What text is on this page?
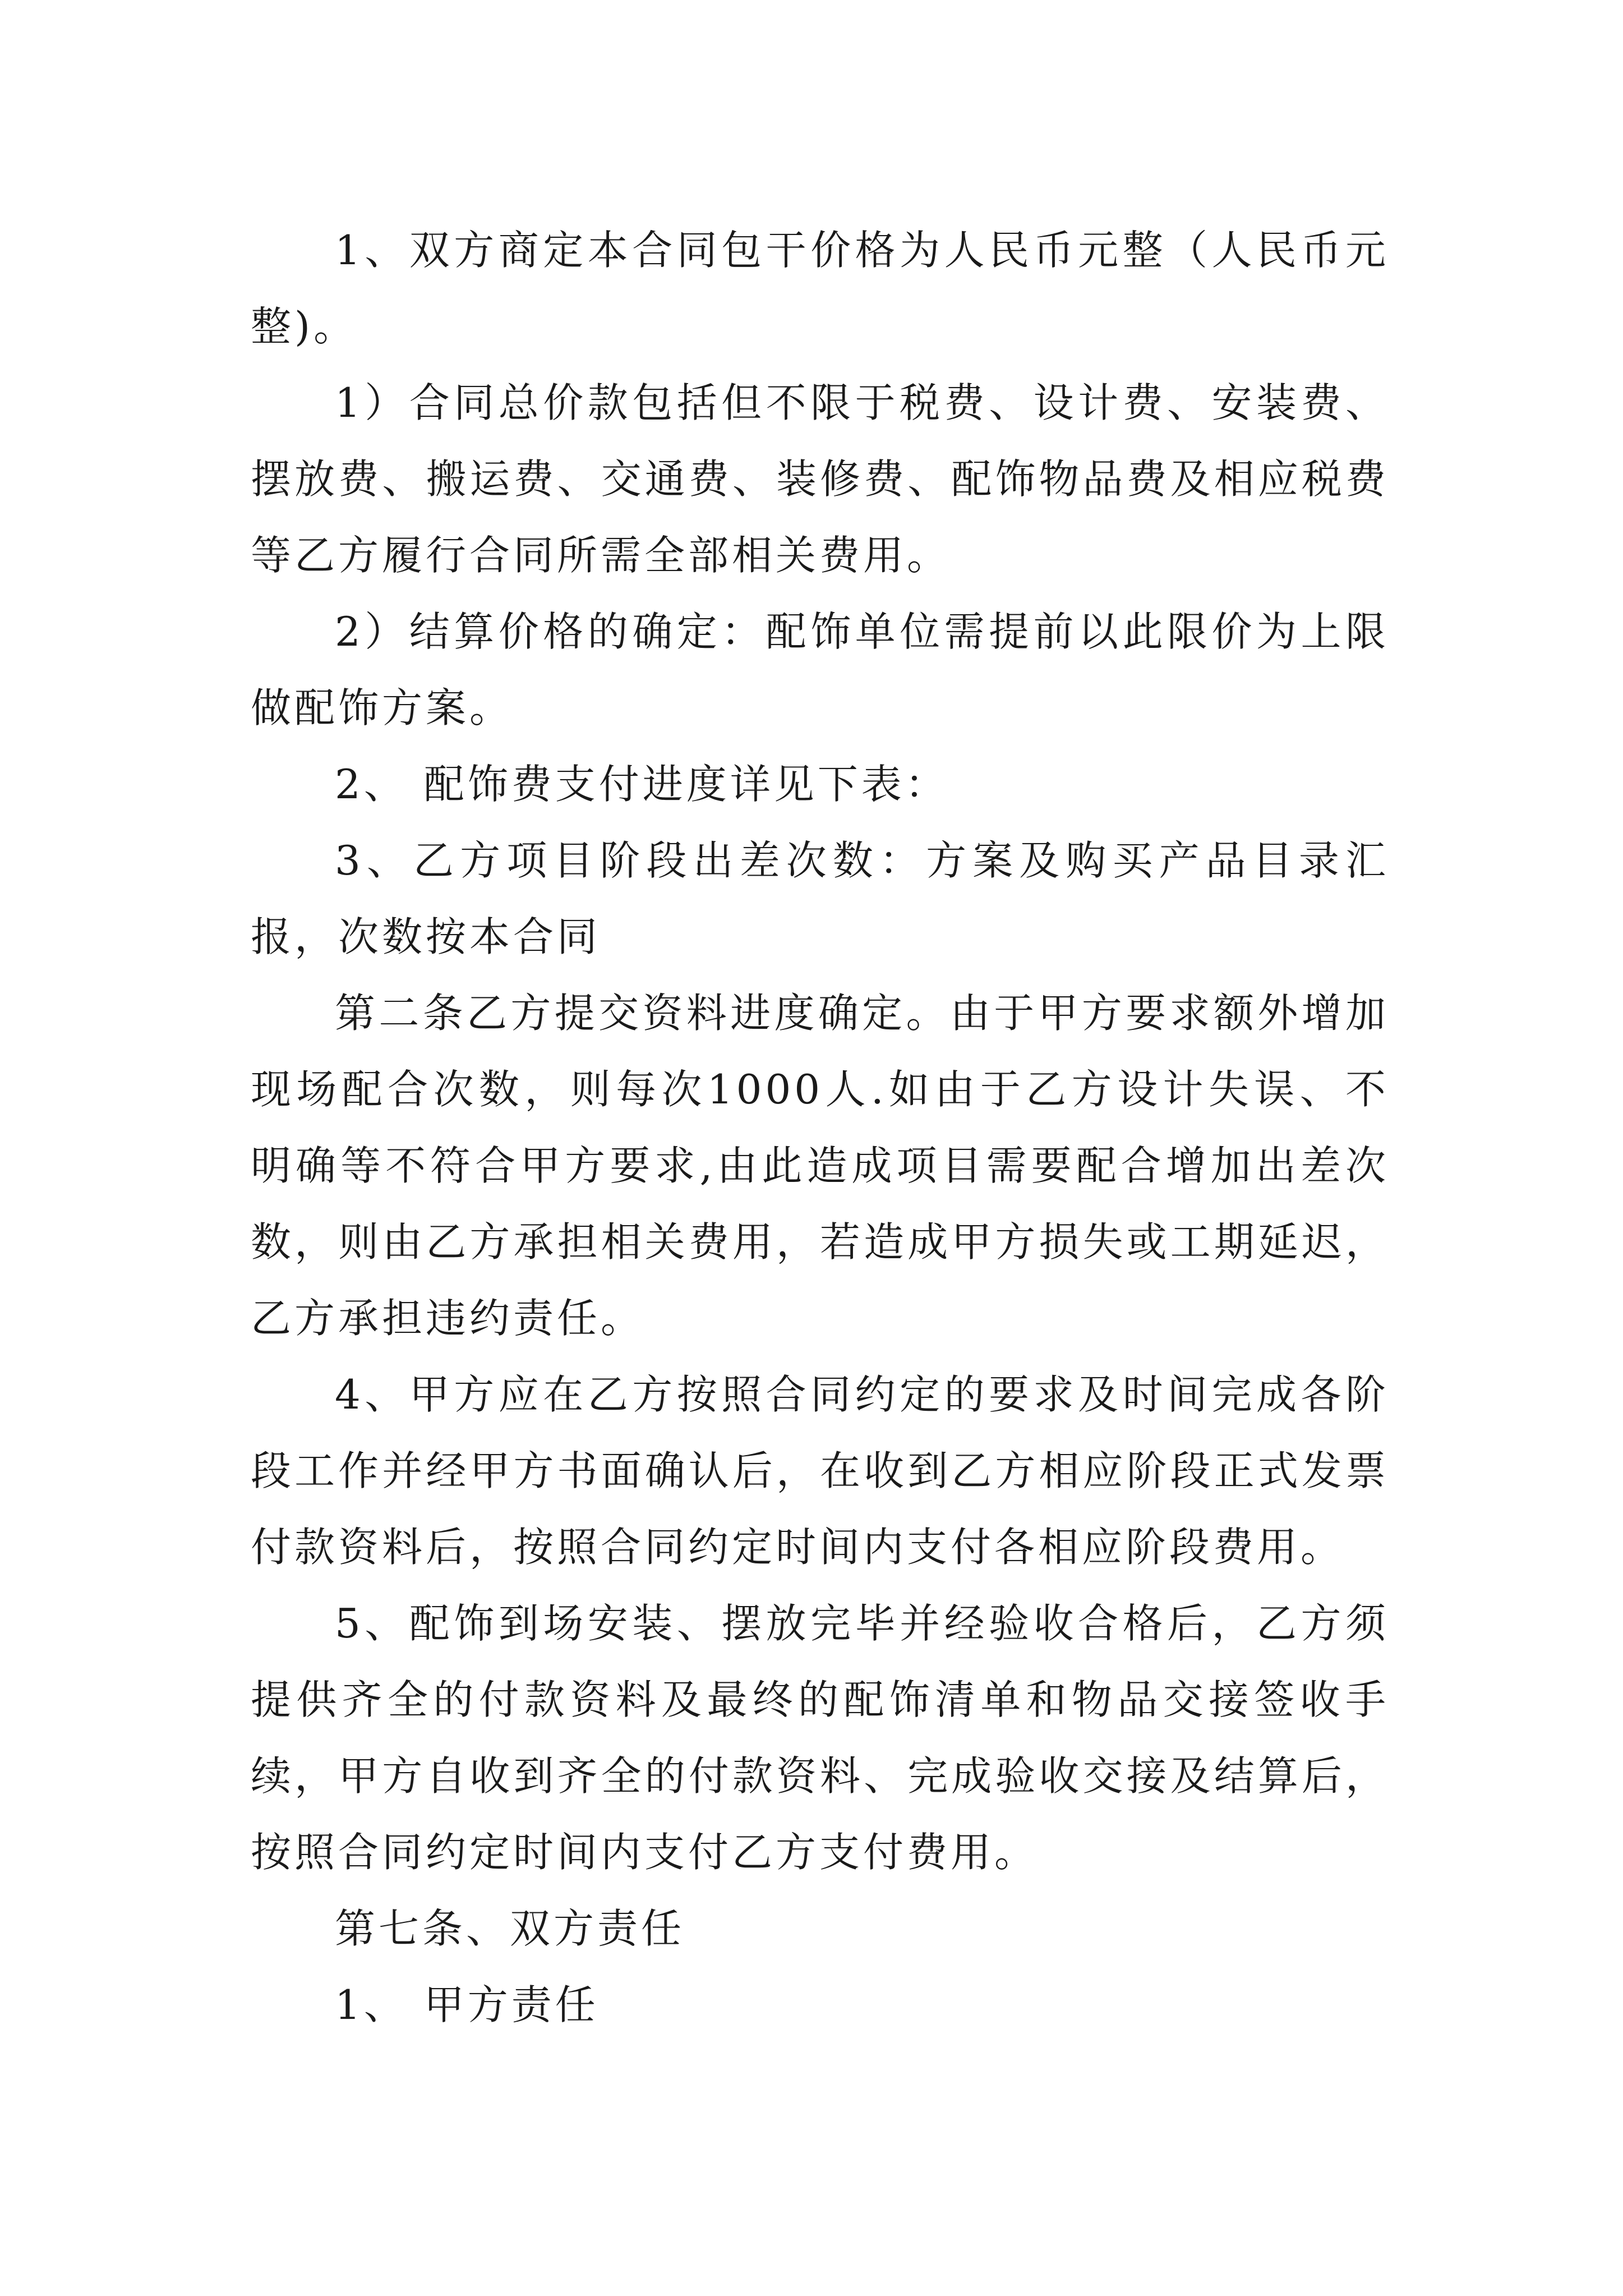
1、双方商定本合同包干价格为人民币元整（人民币元整)。

1）合同总价款包括但不限于税费、设计费、安装费、摆放费、搬运费、交通费、装修费、配饰物品费及相应税费等乙方履行合同所需全部相关费用。

2）结算价格的确定：配饰单位需提前以此限价为上限做配饰方案。

2、 配饰费支付进度详见下表：

3、乙方项目阶段出差次数：方案及购买产品目录汇报，次数按本合同

第二条乙方提交资料进度确定。由于甲方要求额外增加现场配合次数，则每次1000人.如由于乙方设计失误、不明确等不符合甲方要求,由此造成项目需要配合增加出差次数，则由乙方承担相关费用，若造成甲方损失或工期延迟，乙方承担违约责任。

4、甲方应在乙方按照合同约定的要求及时间完成各阶段工作并经甲方书面确认后，在收到乙方相应阶段正式发票付款资料后，按照合同约定时间内支付各相应阶段费用。

5、配饰到场安装、摆放完毕并经验收合格后，乙方须提供齐全的付款资料及最终的配饰清单和物品交接签收手续，甲方自收到齐全的付款资料、完成验收交接及结算后，按照合同约定时间内支付乙方支付费用。

第七条、双方责任

1、 甲方责任
